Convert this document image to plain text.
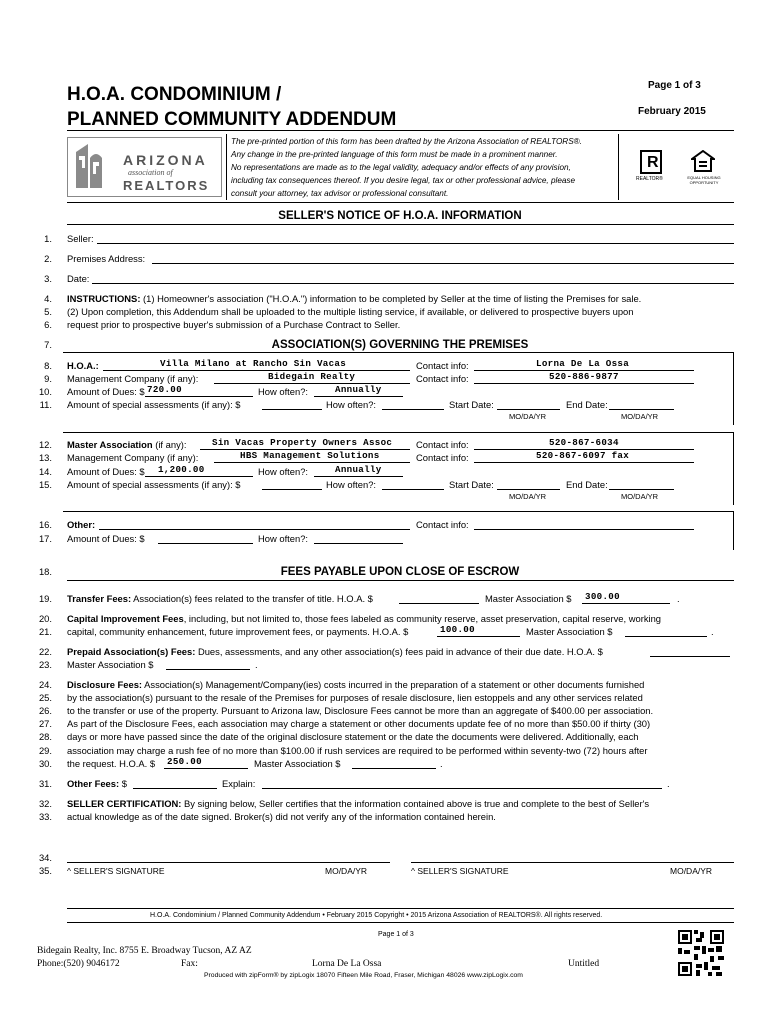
H.O.A. CONDOMINIUM /
PLANNED COMMUNITY ADDENDUM
Page 1 of 3
February 2015
ARIZONA
association of
REALTORS
The pre-printed portion of this form has been drafted by the Arizona Association of REALTORS®.
Any change in the pre-printed language of this form must be made in a prominent manner.
No representations are made as to the legal validity, adequacy and/or effects of any provision,
including tax consequences thereof. If you desire legal, tax or other professional advice, please
consult your attorney, tax advisor or professional consultant.
R
REALTOR®	EQUAL HOUSING OPPORTUNITY
SELLER'S NOTICE OF H.O.A. INFORMATION
1.
2.
3.
4.
5.
6.
7.
8.
9.
10.
11.
12.
13.
14.
15.
16.
17.
18.
19.
20.
21.
22.
23.
24.
25.
26.
27.
28.
29.
30.
31.
32.
33.
34.
35.
Seller:
Premises Address:
Date:
INSTRUCTIONS: (1) Homeowner's association ("H.O.A.") information to be completed by Seller at the time of listing the Premises for sale.
(2) Upon completion, this Addendum shall be uploaded to the multiple listing service, if available, or delivered to prospective buyers upon
request prior to prospective buyer's submission of a Purchase Contract to Seller.
ASSOCIATION(S) GOVERNING THE PREMISES
H.O.A.:	Villa Milano at Rancho Sin Vacas	Contact info:	Lorna De La Ossa
Management Company (if any):	Bidegain Realty	Contact info:	520-886-9877
Amount of Dues: $ 720.00	How often?:	Annually
Amount of special assessments (if any): $	How often?:	Start Date:	End Date:
MO/DA/YR	MO/DA/YR
Master Association (if any):	Sin Vacas Property Owners Assoc	Contact info:	520-867-6034
Management Company (if any):	HBS Management Solutions	Contact info:	520-867-6097 fax
Amount of Dues: $ 1,200.00	How often?:	Annually
Amount of special assessments (if any): $	How often?:	Start Date:	End Date:
MO/DA/YR	MO/DA/YR
Other:	Contact info:
Amount of Dues: $	How often?:
FEES PAYABLE UPON CLOSE OF ESCROW
Transfer Fees: Association(s) fees related to the transfer of title. H.O.A. $	Master Association $ 300.00	.
Capital Improvement Fees, including, but not limited to, those fees labeled as community reserve, asset preservation, capital reserve, working
capital, community enhancement, future improvement fees, or payments. H.O.A. $	100.00	Master Association $	.
Prepaid Association(s) Fees: Dues, assessments, and any other association(s) fees paid in advance of their due date. H.O.A. $
Master Association $	.
Disclosure Fees: Association(s) Management/Company(ies) costs incurred in the preparation of a statement or other documents furnished
by the association(s) pursuant to the resale of the Premises for purposes of resale disclosure, lien estoppels and any other services related
to the transfer or use of the property. Pursuant to Arizona law, Disclosure Fees cannot be more than an aggregate of $400.00 per association.
As part of the Disclosure Fees, each association may charge a statement or other documents update fee of no more than $50.00 if thirty (30)
days or more have passed since the date of the original disclosure statement or the date the documents were delivered. Additionally, each
association may charge a rush fee of no more than $100.00 if rush services are required to be performed within seventy-two (72) hours after
the request. H.O.A. $ 250.00	Master Association $	.
Other Fees: $	Explain:	.
SELLER CERTIFICATION: By signing below, Seller certifies that the information contained above is true and complete to the best of Seller's
actual knowledge as of the date signed. Broker(s) did not verify any of the information contained herein.
^ SELLER'S SIGNATURE	MO/DA/YR	^ SELLER'S SIGNATURE	MO/DA/YR
H.O.A. Condominium / Planned Community Addendum • February 2015 Copyright • 2015 Arizona Association of REALTORS®. All rights reserved.
Page 1 of 3
Bidegain Realty, Inc. 8755 E. Broadway Tucson, AZ AZ
Phone:(520) 9046172	Fax:	Lorna De La Ossa	Untitled
Produced with zipForm® by zipLogix 18070 Fifteen Mile Road, Fraser, Michigan 48026 www.zipLogix.com
